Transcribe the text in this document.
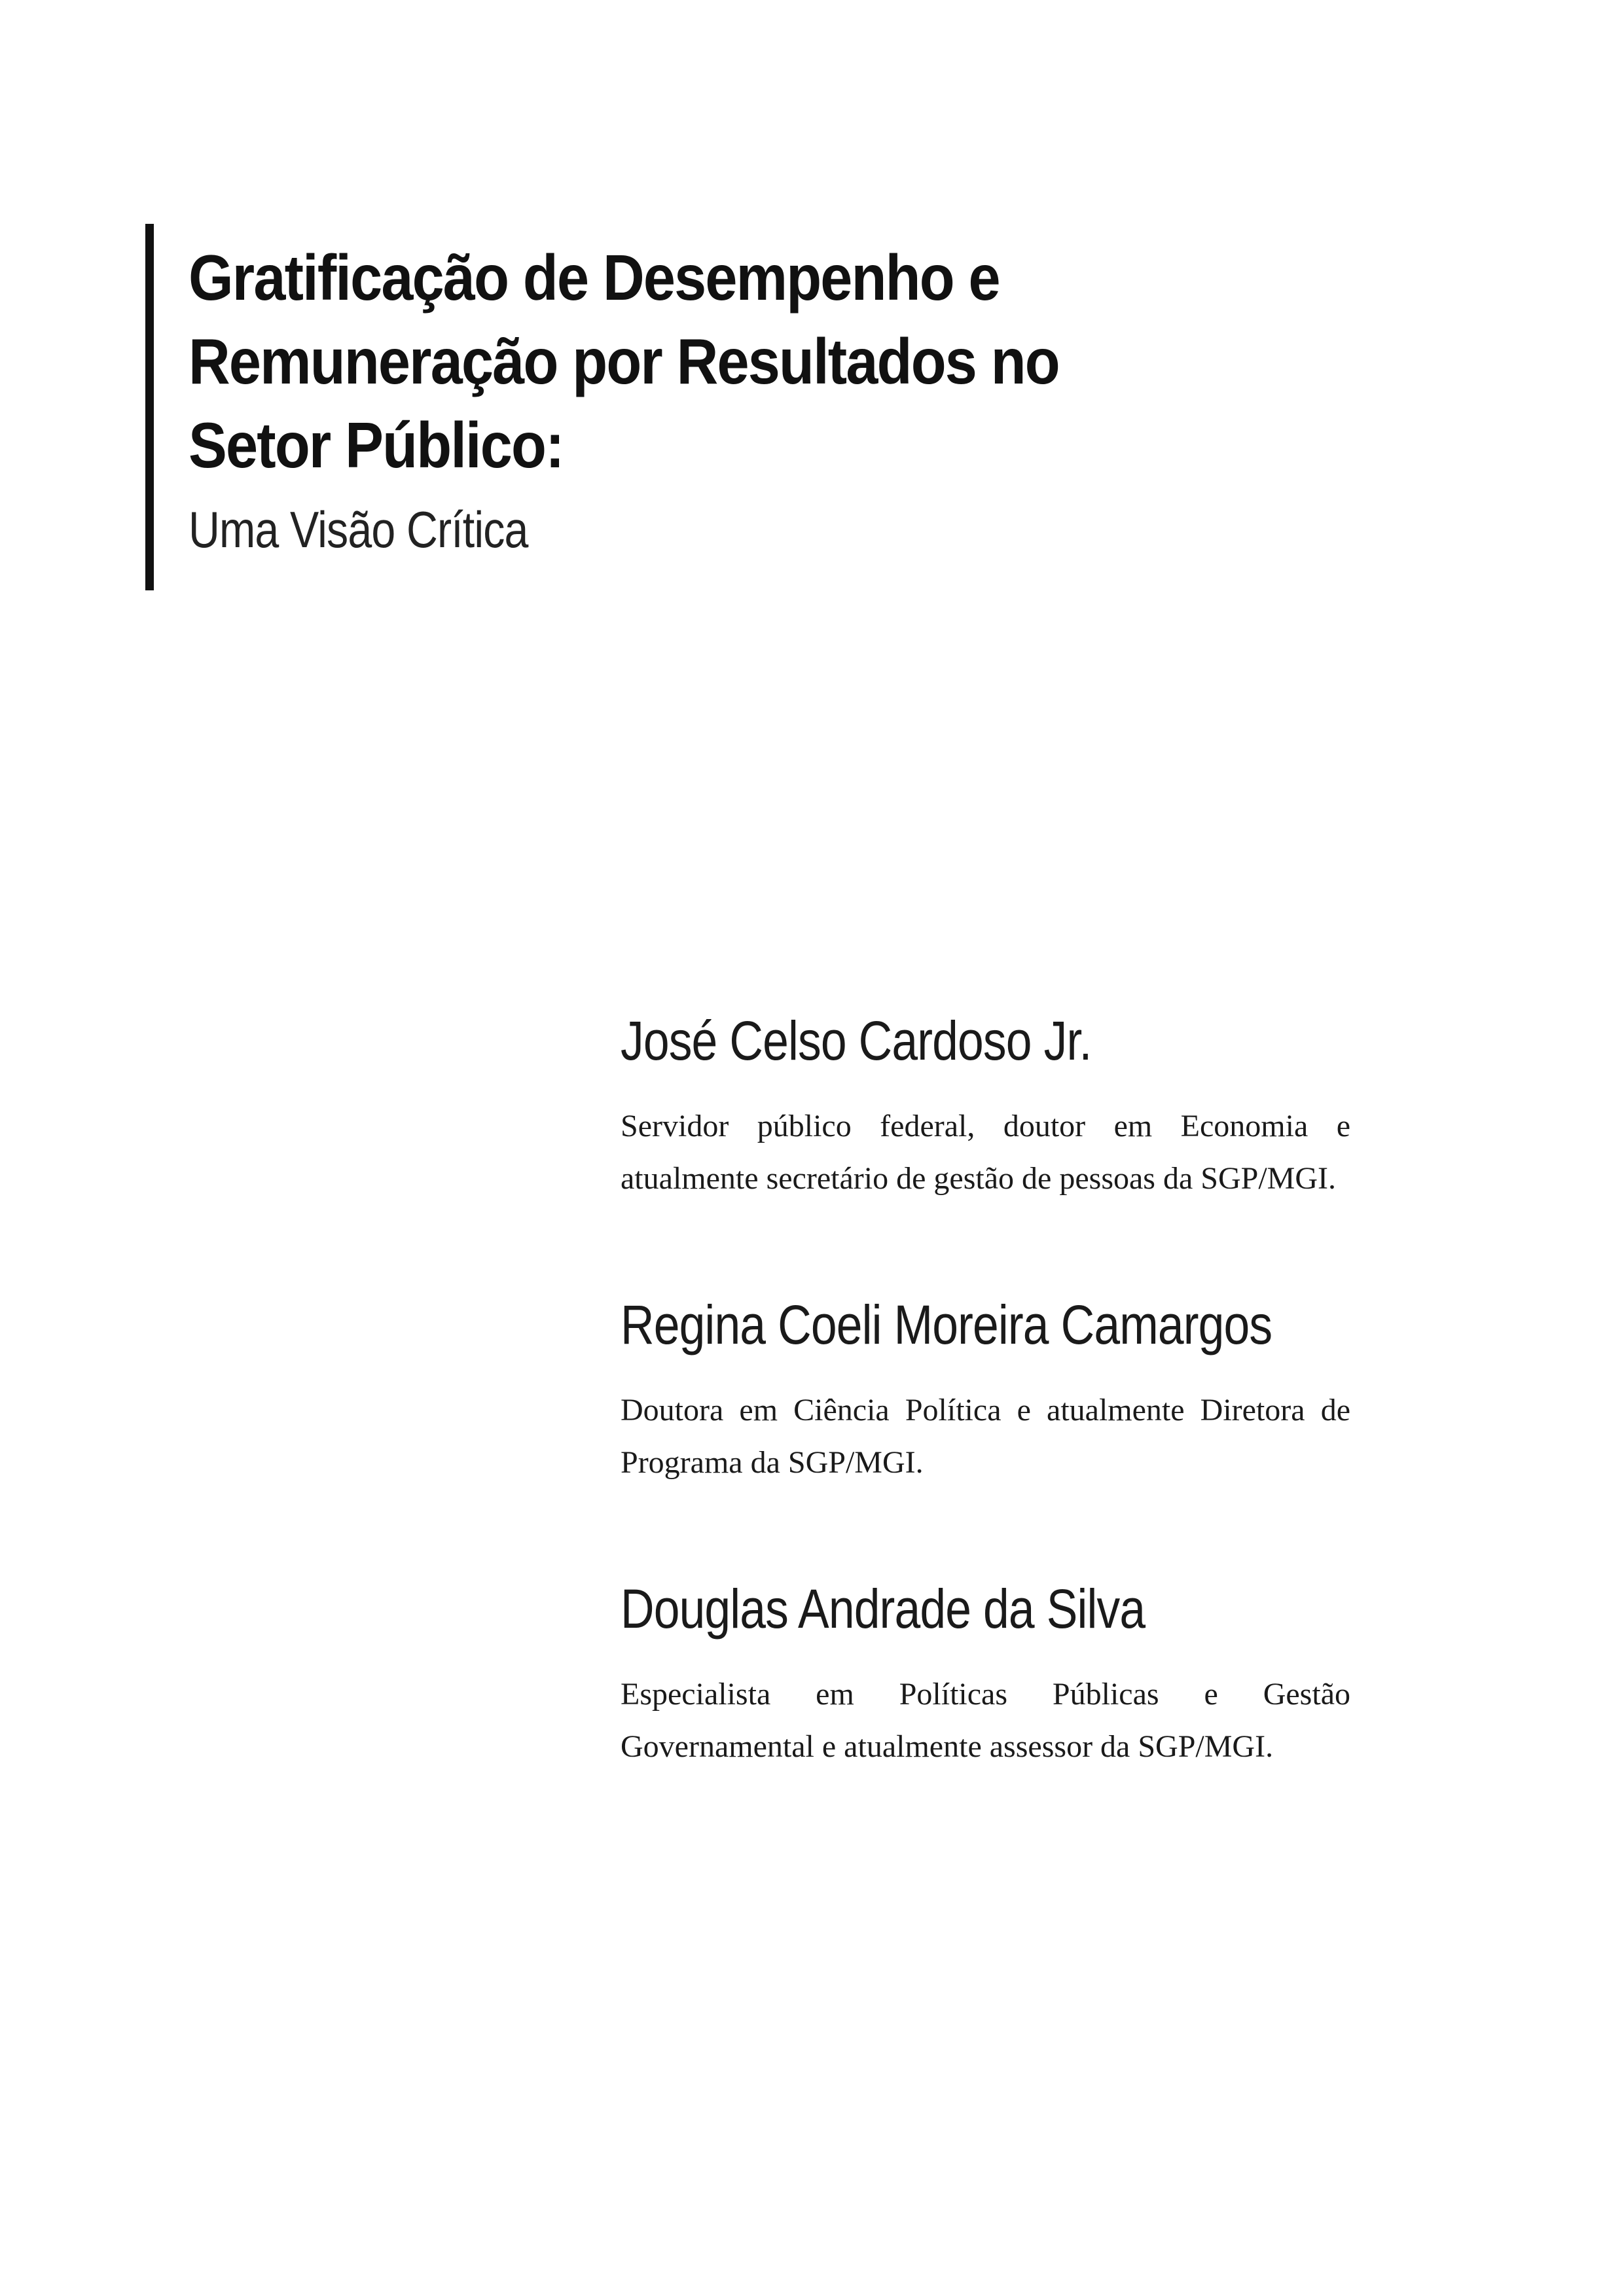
Gratificação de Desempenho e
Remuneração por Resultados no
Setor Público:
Uma Visão Crítica
José Celso Cardoso Jr.
Servidor público federal, doutor em Economia e atualmente secretário de gestão de pessoas da SGP/MGI.
Regina Coeli Moreira Camargos
Doutora em Ciência Política e atualmente Diretora de Programa da SGP/MGI.
Douglas Andrade da Silva
Especialista em Políticas Públicas e Gestão Governamental e atualmente assessor da SGP/MGI.
